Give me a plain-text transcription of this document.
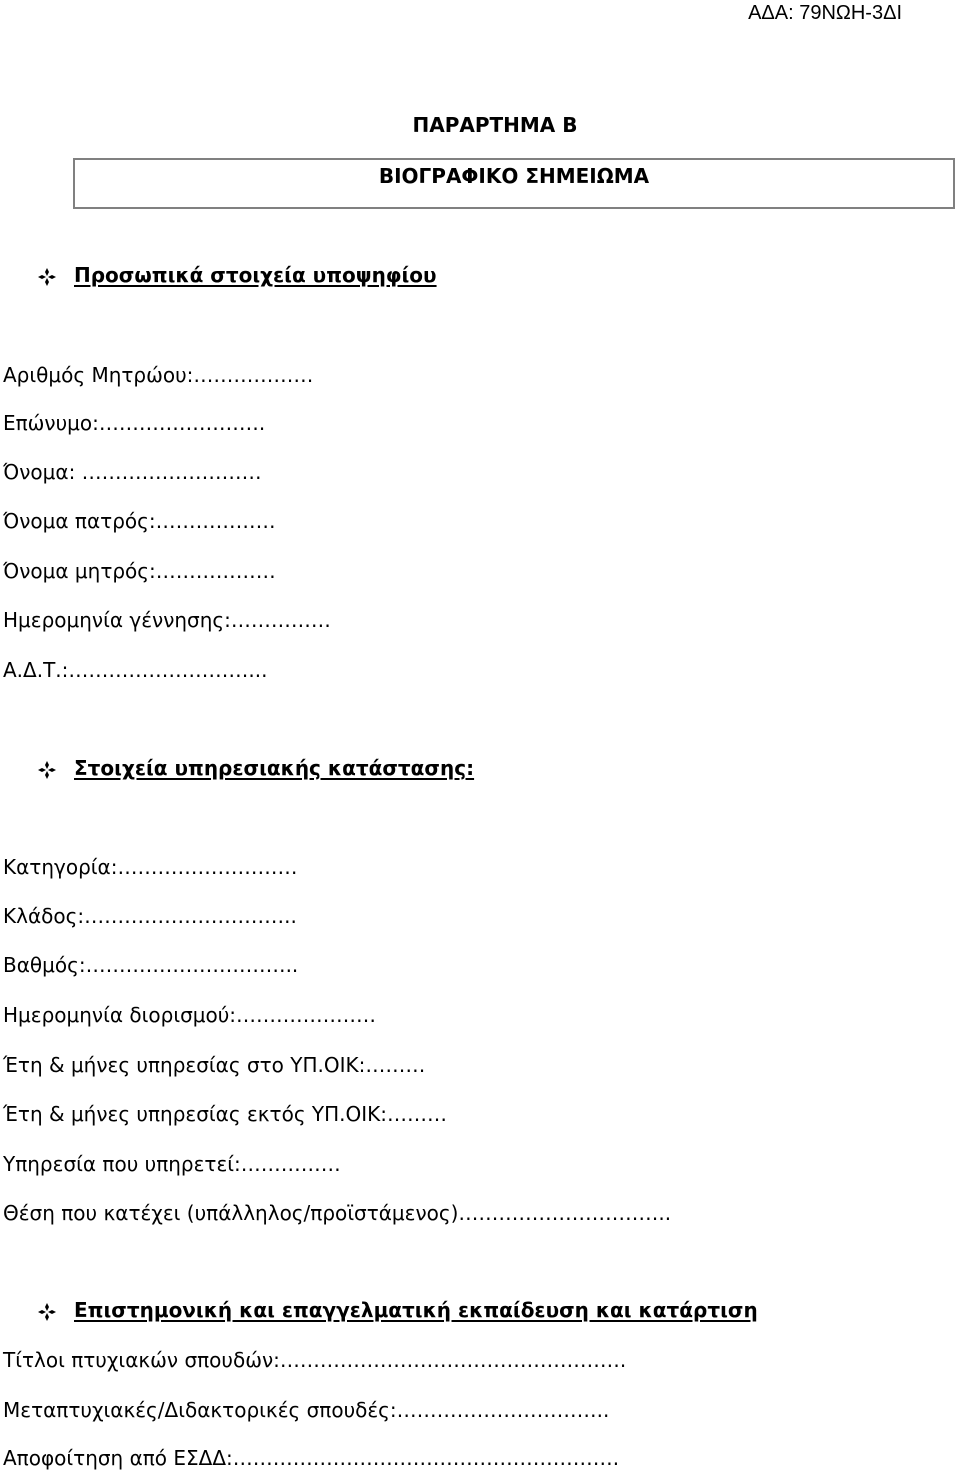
ΑΔΑ: 79ΝΩΗ-3ΔΙ
ΠΑΡΑΡΤΗΜΑ Β
ΒΙΟΓΡΑΦΙΚΟ ΣΗΜΕΙΩΜΑ
Προσωπικά στοιχεία υποψηφίου
Αριθμός Μητρώου:………………
Επώνυμο:…………………….
Όνομα: ………………………
Όνομα πατρός:………………
Όνομα μητρός:………………
Ημερομηνία γέννησης:……………
Α.Δ.Τ.:………………………...
Στοιχεία υπηρεσιακής κατάστασης:
Κατηγορία:………………………
Κλάδος:…………………………..
Βαθμός:…………………………..
Ημερομηνία διορισμού:…………………
Έτη & μήνες υπηρεσίας στο ΥΠ.ΟΙΚ:………
Έτη & μήνες υπηρεσίας εκτός ΥΠ.ΟΙΚ:………
Υπηρεσία που υπηρετεί:……………
Θέση που κατέχει (υπάλληλος/προϊστάμενος)…………………………..
Επιστημονική και επαγγελματική εκπαίδευση και κατάρτιση
Τίτλοι πτυχιακών σπουδών:…………………………………………….
Μεταπτυχιακές/Διδακτορικές σπουδές:…………………………..
Αποφοίτηση από ΕΣΔΔ:………………………………………………….
